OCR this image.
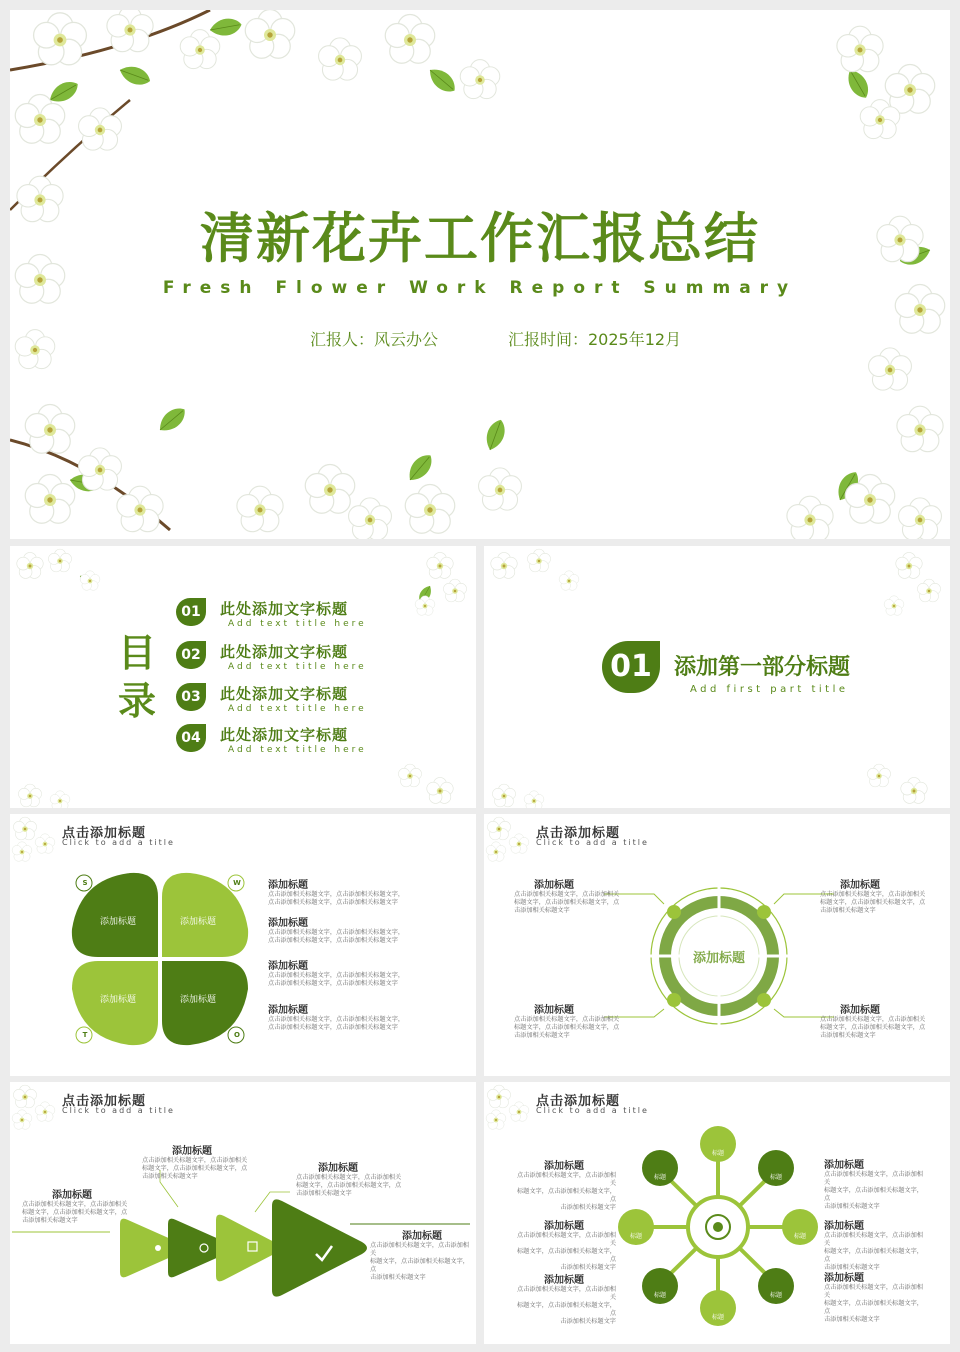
清新花卉工作汇报总结
Fresh Flower Work Report Summary
汇报人：风云办公	汇报时间：2025年12月
目
录
01	此处添加文字标题
Add text title here
02	此处添加文字标题
Add text title here
03	此处添加文字标题
Add text title here
04	此处添加文字标题
Add text title here
01	添加第一部分标题
Add first part title
点击添加标题
Click to add a title
S	W
T	O
添加标题	添加标题
添加标题	添加标题
添加标题
点击添加相关标题文字，点击添加相关标题文字，
点击添加相关标题文字，点击添加相关标题文字
添加标题
点击添加相关标题文字，点击添加相关标题文字，
点击添加相关标题文字，点击添加相关标题文字
添加标题
点击添加相关标题文字，点击添加相关标题文字，
点击添加相关标题文字，点击添加相关标题文字
添加标题
点击添加相关标题文字，点击添加相关标题文字，
点击添加相关标题文字，点击添加相关标题文字
点击添加标题
Click to add a title
添加标题
添加标题
点击添加相关标题文字，点击添加相关
标题文字，点击添加相关标题文字，点
击添加相关标题文字
添加标题
点击添加相关标题文字，点击添加相关
标题文字，点击添加相关标题文字，点
击添加相关标题文字
添加标题
点击添加相关标题文字，点击添加相关
标题文字，点击添加相关标题文字，点
击添加相关标题文字
添加标题
点击添加相关标题文字，点击添加相关
标题文字，点击添加相关标题文字，点
击添加相关标题文字
点击添加标题
Click to add a title
添加标题
点击添加相关标题文字，点击添加相关
标题文字，点击添加相关标题文字，点
击添加相关标题文字
添加标题
点击添加相关标题文字，点击添加相关
标题文字，点击添加相关标题文字，点
击添加相关标题文字
添加标题
点击添加相关标题文字，点击添加相关
标题文字，点击添加相关标题文字，点
击添加相关标题文字
添加标题
点击添加相关标题文字，点击添加相关
标题文字，点击添加相关标题文字，点
击添加相关标题文字
点击添加标题
Click to add a title
标题
标题
标题
标题
标题
标题
标题
标题
添加标题
点击添加相关标题文字，点击添加相关
标题文字，点击添加相关标题文字，点
击添加相关标题文字
添加标题
点击添加相关标题文字，点击添加相关
标题文字，点击添加相关标题文字，点
击添加相关标题文字
添加标题
点击添加相关标题文字，点击添加相关
标题文字，点击添加相关标题文字，点
击添加相关标题文字
添加标题
点击添加相关标题文字，点击添加相关
标题文字，点击添加相关标题文字，点
击添加相关标题文字
添加标题
点击添加相关标题文字，点击添加相关
标题文字，点击添加相关标题文字，点
击添加相关标题文字
添加标题
点击添加相关标题文字，点击添加相关
标题文字，点击添加相关标题文字，点
击添加相关标题文字
